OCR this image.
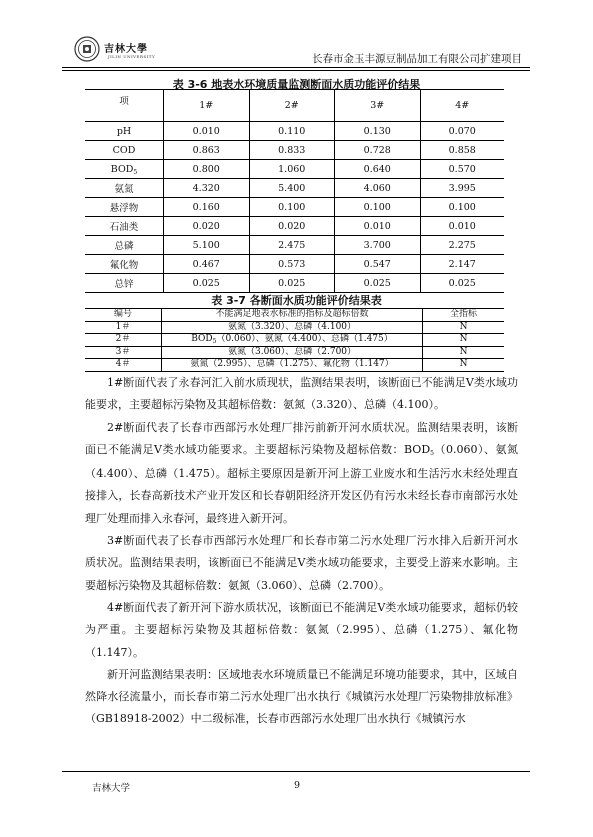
吉林大學
JILIN UNIVERSITY	长春市金玉丰源豆制品加工有限公司扩建项目
表 3-6 地表水环境质量监测断面水质功能评价结果
项	1#	2#	3#	4#
pH	0.010	0.110	0.130	0.070
COD	0.863	0.833	0.728	0.858
$BOD_5$	0.800	1.060	0.640	0.570
氨氮	4.320	5.400	4.060	3.995
悬浮物	0.160	0.100	0.100	0.100
石油类	0.020	0.020	0.010	0.010
总磷	5.100	2.475	3.700	2.275
氟化物	0.467	0.573	0.547	2.147
总锌	0.025	0.025	0.025	0.025
表 3-7 各断面水质功能评价结果表
编号	不能满足地表水标准的指标及超标倍数	全指标
1＃	氨氮（3.320）、总磷（4.100）	N
2＃	$BOD_5(0.060)$、氨氮（4.400）、总磷（1.475）	N
3＃	氨氮（3.060）、总磷（2.700）	N
4＃	氨氮（2.995）、总磷（1.275）、氟化物（1.147）	N

1#断面代表了永春河汇入前水质现状，监测结果表明，该断面已不能满足Ⅴ类水域功能要求，主要超标污染物及其超标倍数：氨氮（3.320）、总磷（4.100）。

2#断面代表了长春市西部污水处理厂排污前新开河水质状况。监测结果表明，该断面已不能满足Ⅴ类水域功能要求。主要超标污染物及超标倍数：$BOD_5(0.060)$、氨氮（4.400）、总磷（1.475）。超标主要原因是新开河上游工业废水和生活污水未经处理直接排入，长春高新技术产业开发区和长春朝阳经济开发区仍有污水未经长春市南部污水处理厂处理而排入永春河，最终进入新开河。

3#断面代表了长春市西部污水处理厂和长春市第二污水处理厂污水排入后新开河水质状况。监测结果表明，该断面已不能满足Ⅴ类水域功能要求，主要受上游来水影响。主要超标污染物及其超标倍数：氨氮（3.060）、总磷（2.700）。

4#断面代表了新开河下游水质状况，该断面已不能满足Ⅴ类水域功能要求，超标仍较为严重。主要超标污染物及其超标倍数：氨氮（2.995）、总磷（1.275）、氟化物（1.147）。

新开河监测结果表明：区域地表水环境质量已不能满足环境功能要求，其中，区域自然降水径流量小，而长春市第二污水处理厂出水执行《城镇污水处理厂污染物排放标准》（GB18918-2002）中二级标准，长春市西部污水处理厂出水执行《城镇污水

吉林大学	9
